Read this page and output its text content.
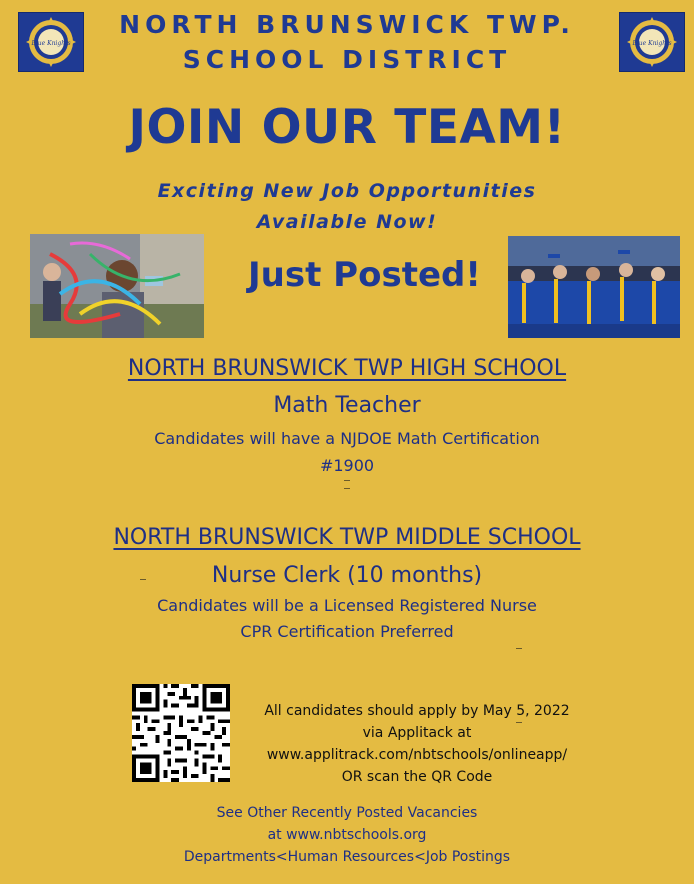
Blue Knights	Blue Knights
NORTH BRUNSWICK TWP.
SCHOOL DISTRICT
JOIN OUR TEAM!
Exciting New Job Opportunities
Available Now!
Just Posted!
NORTH BRUNSWICK TWP HIGH SCHOOL
Math Teacher
Candidates will have a NJDOE Math Certification
#1900
NORTH BRUNSWICK TWP MIDDLE SCHOOL
Nurse Clerk (10 months)
Candidates will be a Licensed Registered Nurse
CPR Certification Preferred
All candidates should apply by May 5, 2022
via Applitack at
www.applitrack.com/nbtschools/onlineapp/
OR scan the QR Code
See Other Recently Posted Vacancies
at www.nbtschools.org
Departments<Human Resources<Job Postings
